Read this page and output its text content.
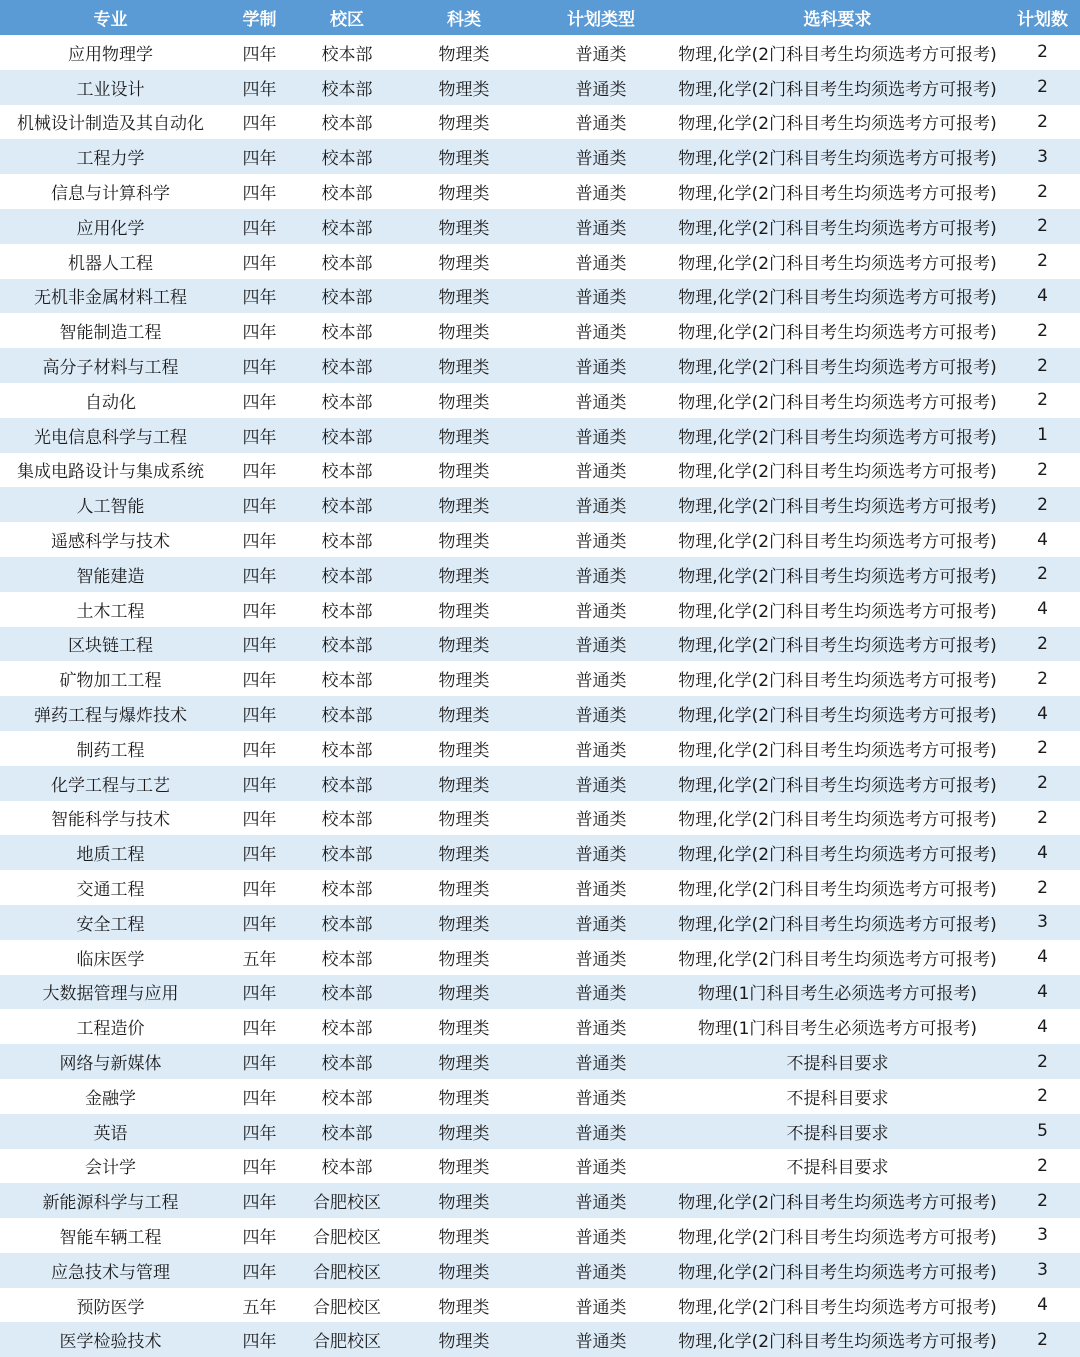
专业	学制	校区	科类	计划类型	选科要求	计划数
应用物理学	四年	校本部	物理类	普通类	物理,化学(2门科目考生均须选考方可报考)	2
工业设计	四年	校本部	物理类	普通类	物理,化学(2门科目考生均须选考方可报考)	2
机械设计制造及其自动化	四年	校本部	物理类	普通类	物理,化学(2门科目考生均须选考方可报考)	2
工程力学	四年	校本部	物理类	普通类	物理,化学(2门科目考生均须选考方可报考)	3
信息与计算科学	四年	校本部	物理类	普通类	物理,化学(2门科目考生均须选考方可报考)	2
应用化学	四年	校本部	物理类	普通类	物理,化学(2门科目考生均须选考方可报考)	2
机器人工程	四年	校本部	物理类	普通类	物理,化学(2门科目考生均须选考方可报考)	2
无机非金属材料工程	四年	校本部	物理类	普通类	物理,化学(2门科目考生均须选考方可报考)	4
智能制造工程	四年	校本部	物理类	普通类	物理,化学(2门科目考生均须选考方可报考)	2
高分子材料与工程	四年	校本部	物理类	普通类	物理,化学(2门科目考生均须选考方可报考)	2
自动化	四年	校本部	物理类	普通类	物理,化学(2门科目考生均须选考方可报考)	2
光电信息科学与工程	四年	校本部	物理类	普通类	物理,化学(2门科目考生均须选考方可报考)	1
集成电路设计与集成系统	四年	校本部	物理类	普通类	物理,化学(2门科目考生均须选考方可报考)	2
人工智能	四年	校本部	物理类	普通类	物理,化学(2门科目考生均须选考方可报考)	2
遥感科学与技术	四年	校本部	物理类	普通类	物理,化学(2门科目考生均须选考方可报考)	4
智能建造	四年	校本部	物理类	普通类	物理,化学(2门科目考生均须选考方可报考)	2
土木工程	四年	校本部	物理类	普通类	物理,化学(2门科目考生均须选考方可报考)	4
区块链工程	四年	校本部	物理类	普通类	物理,化学(2门科目考生均须选考方可报考)	2
矿物加工工程	四年	校本部	物理类	普通类	物理,化学(2门科目考生均须选考方可报考)	2
弹药工程与爆炸技术	四年	校本部	物理类	普通类	物理,化学(2门科目考生均须选考方可报考)	4
制药工程	四年	校本部	物理类	普通类	物理,化学(2门科目考生均须选考方可报考)	2
化学工程与工艺	四年	校本部	物理类	普通类	物理,化学(2门科目考生均须选考方可报考)	2
智能科学与技术	四年	校本部	物理类	普通类	物理,化学(2门科目考生均须选考方可报考)	2
地质工程	四年	校本部	物理类	普通类	物理,化学(2门科目考生均须选考方可报考)	4
交通工程	四年	校本部	物理类	普通类	物理,化学(2门科目考生均须选考方可报考)	2
安全工程	四年	校本部	物理类	普通类	物理,化学(2门科目考生均须选考方可报考)	3
临床医学	五年	校本部	物理类	普通类	物理,化学(2门科目考生均须选考方可报考)	4
大数据管理与应用	四年	校本部	物理类	普通类	物理(1门科目考生必须选考方可报考)	4
工程造价	四年	校本部	物理类	普通类	物理(1门科目考生必须选考方可报考)	4
网络与新媒体	四年	校本部	物理类	普通类	不提科目要求	2
金融学	四年	校本部	物理类	普通类	不提科目要求	2
英语	四年	校本部	物理类	普通类	不提科目要求	5
会计学	四年	校本部	物理类	普通类	不提科目要求	2
新能源科学与工程	四年	合肥校区	物理类	普通类	物理,化学(2门科目考生均须选考方可报考)	2
智能车辆工程	四年	合肥校区	物理类	普通类	物理,化学(2门科目考生均须选考方可报考)	3
应急技术与管理	四年	合肥校区	物理类	普通类	物理,化学(2门科目考生均须选考方可报考)	3
预防医学	五年	合肥校区	物理类	普通类	物理,化学(2门科目考生均须选考方可报考)	4
医学检验技术	四年	合肥校区	物理类	普通类	物理,化学(2门科目考生均须选考方可报考)	2
